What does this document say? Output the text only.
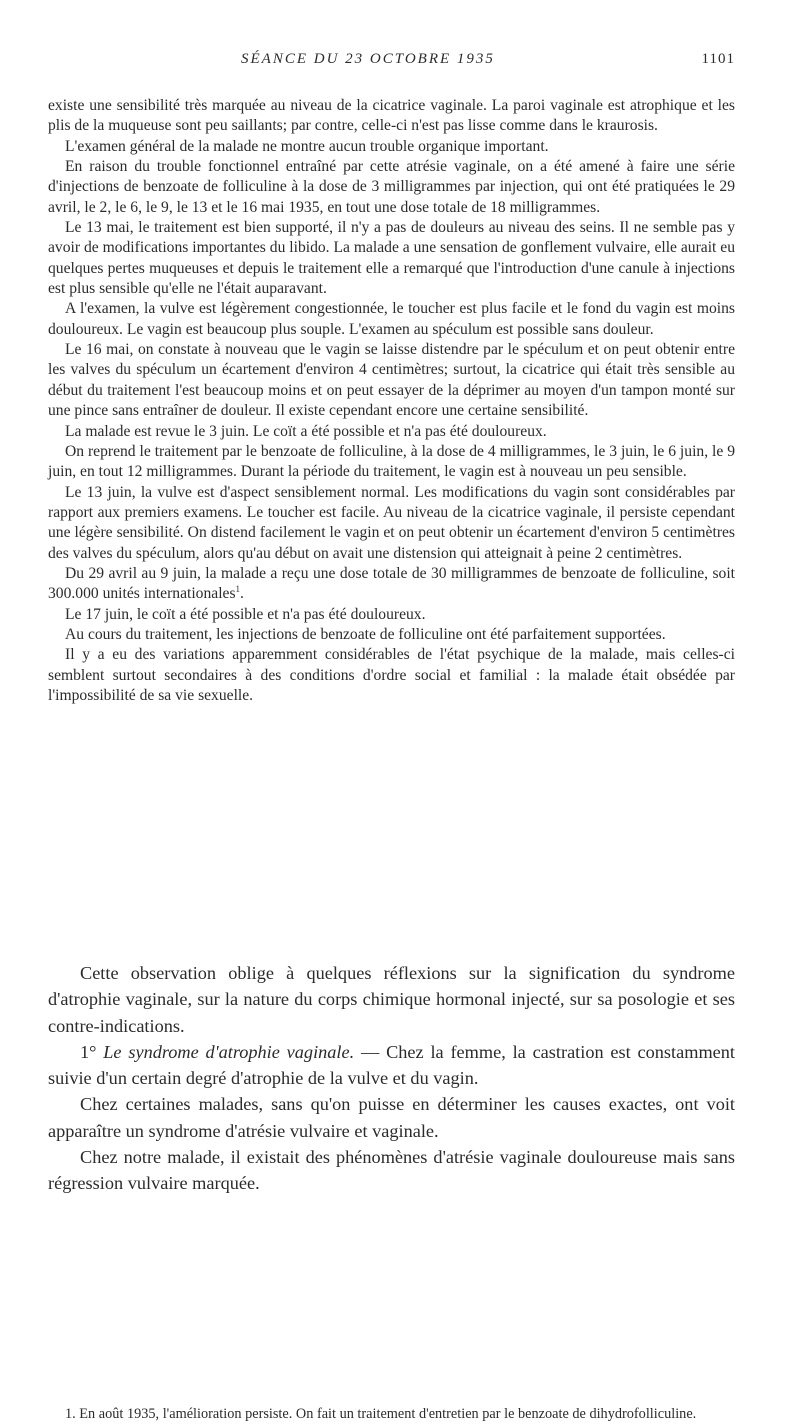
SÉANCE DU 23 OCTOBRE 1935	1101

existe une sensibilité très marquée au niveau de la cicatrice vaginale. La paroi vaginale est atrophique et les plis de la muqueuse sont peu saillants; par contre, celle-ci n'est pas lisse comme dans le kraurosis.

L'examen général de la malade ne montre aucun trouble organique important.

En raison du trouble fonctionnel entraîné par cette atrésie vaginale, on a été amené à faire une série d'injections de benzoate de folliculine à la dose de 3 milligrammes par injection, qui ont été pratiquées le 29 avril, le 2, le 6, le 9, le 13 et le 16 mai 1935, en tout une dose totale de 18 milligrammes.

Le 13 mai, le traitement est bien supporté, il n'y a pas de douleurs au niveau des seins. Il ne semble pas y avoir de modifications importantes du libido. La malade a une sensation de gonflement vulvaire, elle aurait eu quelques pertes muqueuses et depuis le traitement elle a remarqué que l'introduction d'une canule à injections est plus sensible qu'elle ne l'était auparavant.

A l'examen, la vulve est légèrement congestionnée, le toucher est plus facile et le fond du vagin est moins douloureux. Le vagin est beaucoup plus souple. L'examen au spéculum est possible sans douleur.

Le 16 mai, on constate à nouveau que le vagin se laisse distendre par le spéculum et on peut obtenir entre les valves du spéculum un écartement d'environ 4 centimètres; surtout, la cicatrice qui était très sensible au début du traitement l'est beaucoup moins et on peut essayer de la déprimer au moyen d'un tampon monté sur une pince sans entraîner de douleur. Il existe cependant encore une certaine sensibilité.

La malade est revue le 3 juin. Le coït a été possible et n'a pas été douloureux.

On reprend le traitement par le benzoate de folliculine, à la dose de 4 milligrammes, le 3 juin, le 6 juin, le 9 juin, en tout 12 milligrammes. Durant la période du traitement, le vagin est à nouveau un peu sensible.

Le 13 juin, la vulve est d'aspect sensiblement normal. Les modifications du vagin sont considérables par rapport aux premiers examens. Le toucher est facile. Au niveau de la cicatrice vaginale, il persiste cependant une légère sensibilité. On distend facilement le vagin et on peut obtenir un écartement d'environ 5 centimètres des valves du spéculum, alors qu'au début on avait une distension qui atteignait à peine 2 centimètres.

Du 29 avril au 9 juin, la malade a reçu une dose totale de 30 milligrammes de benzoate de folliculine, soit 300.000 unités internationales$^1$.

Le 17 juin, le coït a été possible et n'a pas été douloureux.

Au cours du traitement, les injections de benzoate de folliculine ont été parfaitement supportées.

Il y a eu des variations apparemment considérables de l'état psychique de la malade, mais celles-ci semblent surtout secondaires à des conditions d'ordre social et familial : la malade était obsédée par l'impossibilité de sa vie sexuelle.

Cette observation oblige à quelques réflexions sur la signification du syndrome d'atrophie vaginale, sur la nature du corps chimique hormonal injecté, sur sa posologie et ses contre-indications.

1° Le syndrome d'atrophie vaginale. — Chez la femme, la castration est constamment suivie d'un certain degré d'atrophie de la vulve et du vagin.

Chez certaines malades, sans qu'on puisse en déterminer les causes exactes, ont voit apparaître un syndrome d'atrésie vulvaire et vaginale.

Chez notre malade, il existait des phénomènes d'atrésie vaginale douloureuse mais sans régression vulvaire marquée.

1. En août 1935, l'amélioration persiste. On fait un traitement d'entretien par le benzoate de dihydrofolliculine.
